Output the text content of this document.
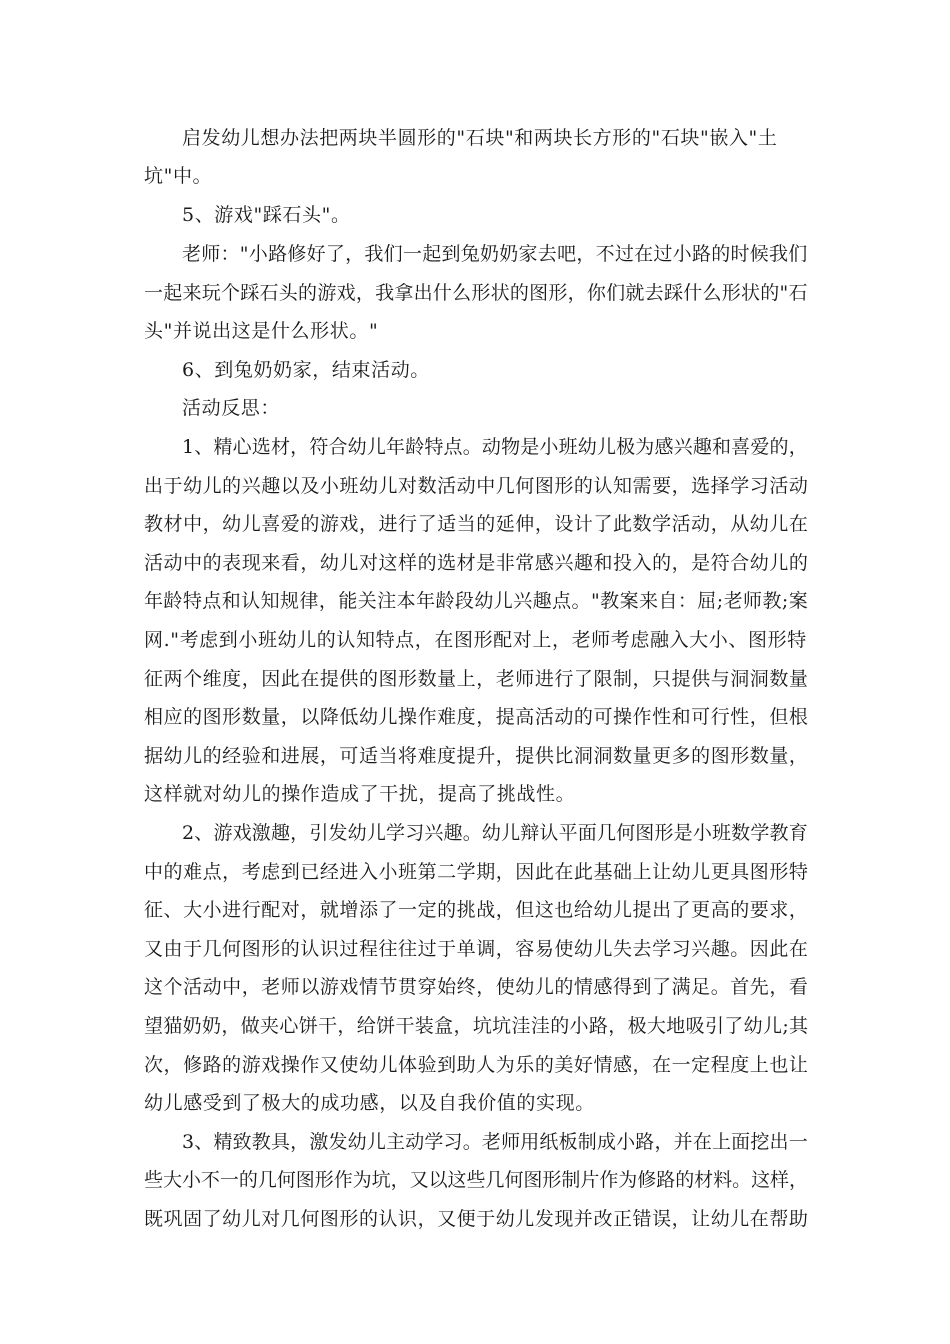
启发幼儿想办法把两块半圆形的"石块"和两块长方形的"石块"嵌入"土
坑"中。
5、游戏"踩石头"。
老师："小路修好了，我们一起到兔奶奶家去吧，不过在过小路的时候我们
一起来玩个踩石头的游戏，我拿出什么形状的图形，你们就去踩什么形状的"石
头"并说出这是什么形状。"
6、到兔奶奶家，结束活动。
活动反思：
1、精心选材，符合幼儿年龄特点。动物是小班幼儿极为感兴趣和喜爱的，
出于幼儿的兴趣以及小班幼儿对数活动中几何图形的认知需要，选择学习活动
教材中，幼儿喜爱的游戏，进行了适当的延伸，设计了此数学活动，从幼儿在
活动中的表现来看，幼儿对这样的选材是非常感兴趣和投入的，是符合幼儿的
年龄特点和认知规律，能关注本年龄段幼儿兴趣点。"教案来自：屈;老师教;案
网."考虑到小班幼儿的认知特点，在图形配对上，老师考虑融入大小、图形特
征两个维度，因此在提供的图形数量上，老师进行了限制，只提供与洞洞数量
相应的图形数量，以降低幼儿操作难度，提高活动的可操作性和可行性，但根
据幼儿的经验和进展，可适当将难度提升，提供比洞洞数量更多的图形数量，
这样就对幼儿的操作造成了干扰，提高了挑战性。
2、游戏激趣，引发幼儿学习兴趣。幼儿辩认平面几何图形是小班数学教育
中的难点，考虑到已经进入小班第二学期，因此在此基础上让幼儿更具图形特
征、大小进行配对，就增添了一定的挑战，但这也给幼儿提出了更高的要求，
又由于几何图形的认识过程往往过于单调，容易使幼儿失去学习兴趣。因此在
这个活动中，老师以游戏情节贯穿始终，使幼儿的情感得到了满足。首先，看
望猫奶奶，做夹心饼干，给饼干装盒，坑坑洼洼的小路，极大地吸引了幼儿;其
次，修路的游戏操作又使幼儿体验到助人为乐的美好情感，在一定程度上也让
幼儿感受到了极大的成功感，以及自我价值的实现。
3、精致教具，激发幼儿主动学习。老师用纸板制成小路，并在上面挖出一
些大小不一的几何图形作为坑，又以这些几何图形制片作为修路的材料。这样，
既巩固了幼儿对几何图形的认识，又便于幼儿发现并改正错误，让幼儿在帮助
